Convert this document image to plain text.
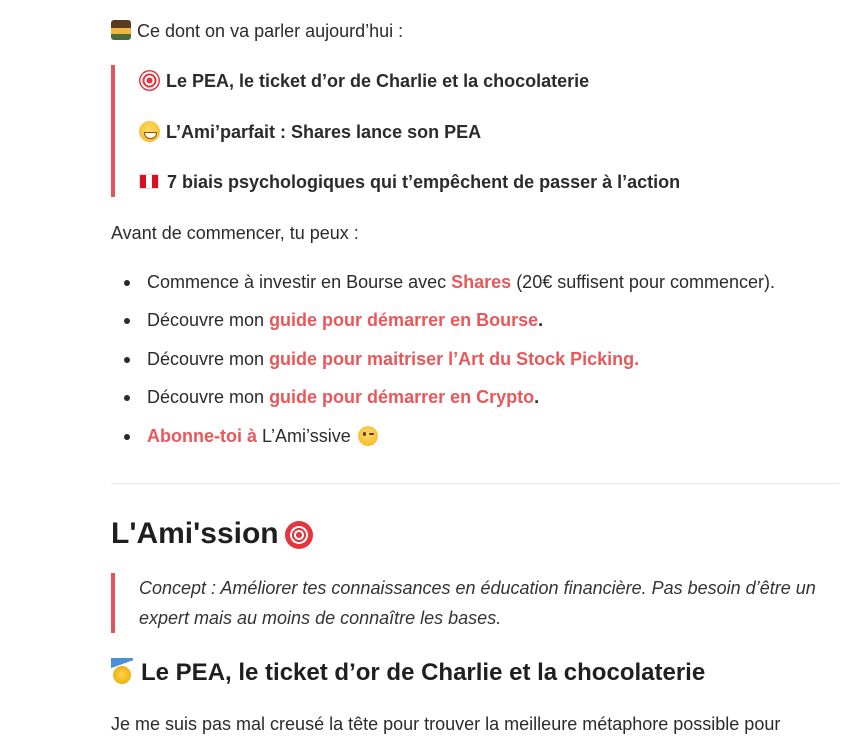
Ce dont on va parler aujourd’hui :
Le PEA, le ticket d’or de Charlie et la chocolaterie
L’Ami’parfait : Shares lance son PEA
7 biais psychologiques qui t’empêchent de passer à l’action
Avant de commencer, tu peux :
Commence à investir en Bourse avec Shares (20€ suffisent pour commencer).
Découvre mon guide pour démarrer en Bourse.
Découvre mon guide pour maitriser l’Art du Stock Picking.
Découvre mon guide pour démarrer en Crypto.
Abonne-toi à L’Ami’ssive
L'Ami'ssion
Concept : Améliorer tes connaissances en éducation financière. Pas besoin d’être un expert mais au moins de connaître les bases.
Le PEA, le ticket d’or de Charlie et la chocolaterie
Je me suis pas mal creusé la tête pour trouver la meilleure métaphore possible pour
